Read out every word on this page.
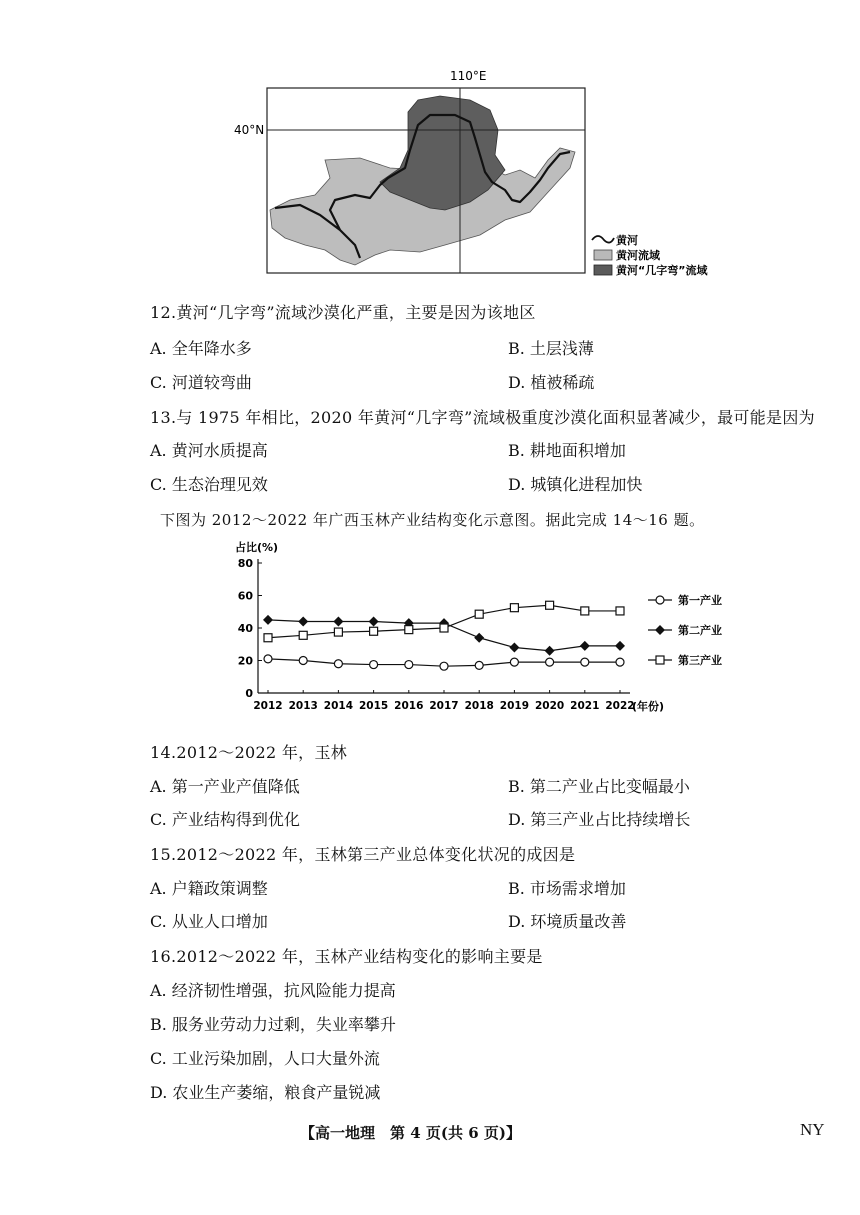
110°E
40°N
黄河
黄河流域
黄河“几字弯”流域
12.黄河“几字弯”流域沙漠化严重，主要是因为该地区
A. 全年降水多	B. 土层浅薄
C. 河道较弯曲	D. 植被稀疏
13.与 1975 年相比，2020 年黄河“几字弯”流域极重度沙漠化面积显著减少，最可能是因为
A. 黄河水质提高	B. 耕地面积增加
C. 生态治理见效	D. 城镇化进程加快
下图为 2012～2022 年广西玉林产业结构变化示意图。据此完成 14～16 题。
占比(%)
(年份)
0
20
40
60
80
2012 2013 2014 2015 2016 2017 2018 2019 2020 2021 2022
第一产业
第二产业
第三产业
14.2012～2022 年，玉林
A. 第一产业产值降低	B. 第二产业占比变幅最小
C. 产业结构得到优化	D. 第三产业占比持续增长
15.2012～2022 年，玉林第三产业总体变化状况的成因是
A. 户籍政策调整	B. 市场需求增加
C. 从业人口增加	D. 环境质量改善
16.2012～2022 年，玉林产业结构变化的影响主要是
A. 经济韧性增强，抗风险能力提高
B. 服务业劳动力过剩，失业率攀升
C. 工业污染加剧，人口大量外流
D. 农业生产萎缩，粮食产量锐减
【高一地理　第 4 页(共 6 页)】	NY
